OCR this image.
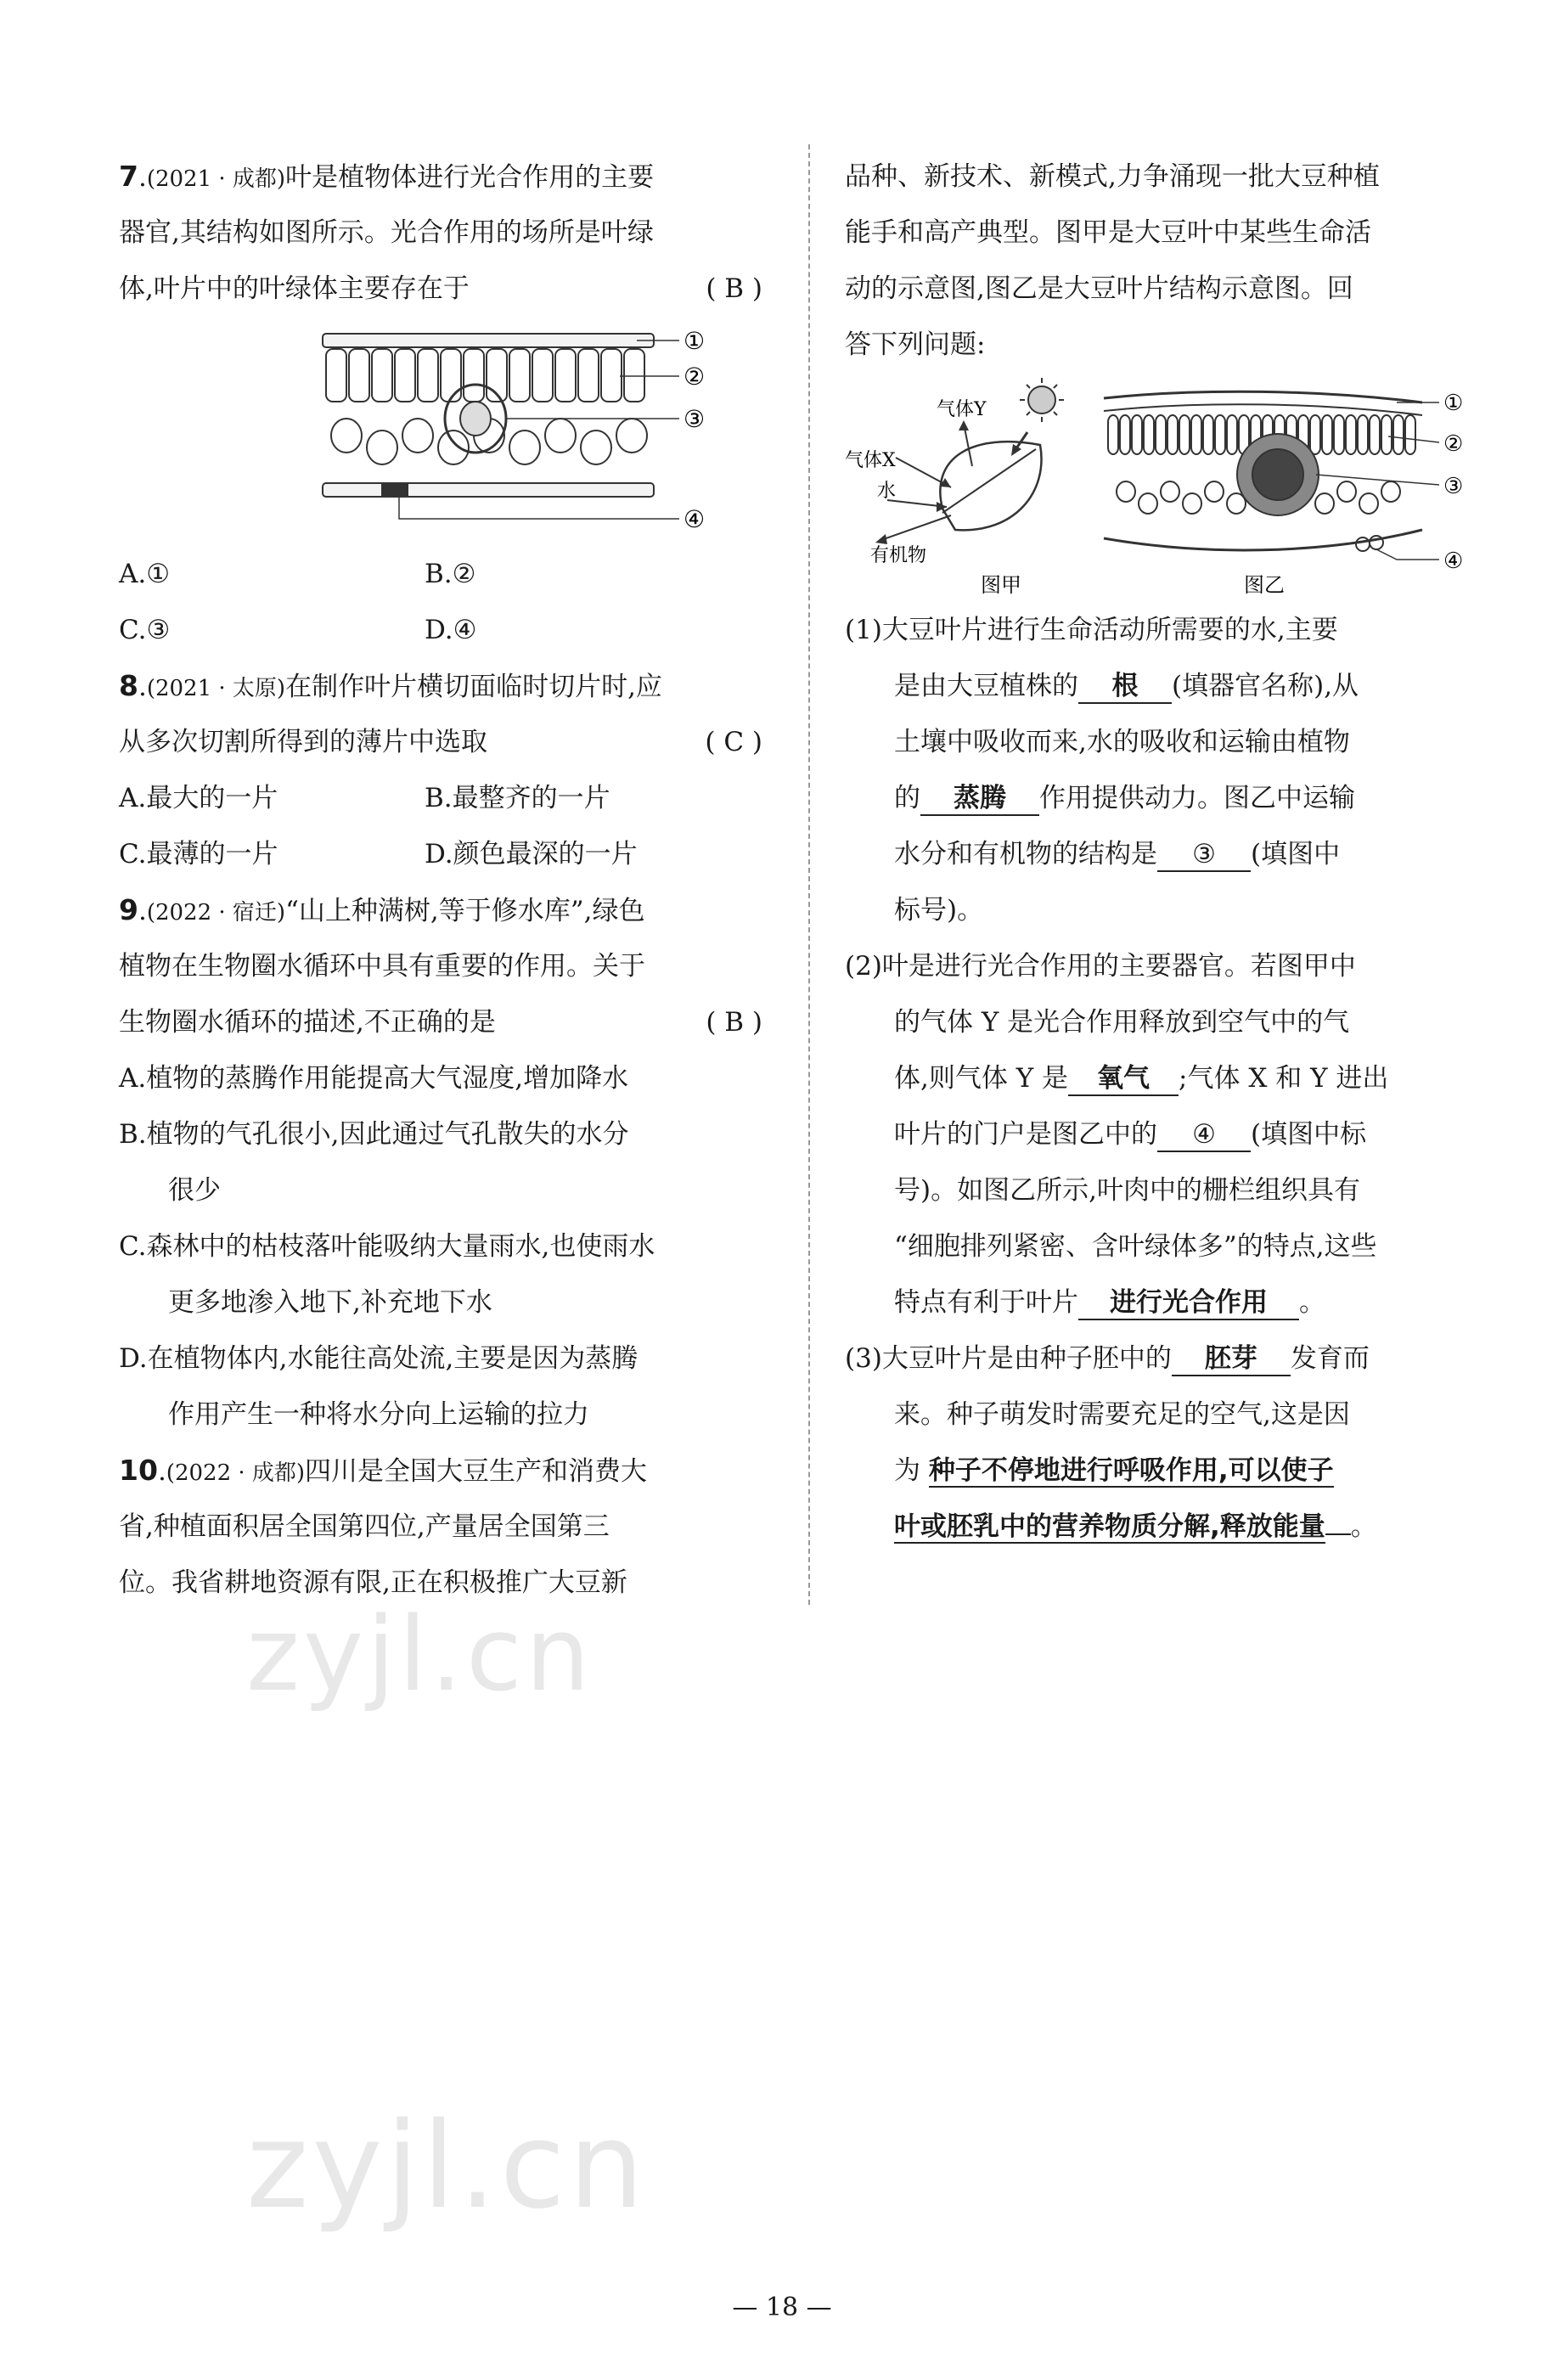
7.(2021 · 成都)叶是植物体进行光合作用的主要
器官,其结构如图所示。光合作用的场所是叶绿
体,叶片中的叶绿体主要存在于	( B )
①
②
③
④
A.①	B.②
C.③	D.④
8.(2021 · 太原)在制作叶片横切面临时切片时,应
从多次切割所得到的薄片中选取	( C )
A.最大的一片	B.最整齐的一片
C.最薄的一片	D.颜色最深的一片
9.(2022 · 宿迁)“山上种满树,等于修水库”,绿色
植物在生物圈水循环中具有重要的作用。关于
生物圈水循环的描述,不正确的是	( B )
A.植物的蒸腾作用能提高大气湿度,增加降水
B.植物的气孔很小,因此通过气孔散失的水分
很少
C.森林中的枯枝落叶能吸纳大量雨水,也使雨水
更多地渗入地下,补充地下水
D.在植物体内,水能往高处流,主要是因为蒸腾
作用产生一种将水分向上运输的拉力
10.(2022 · 成都)四川是全国大豆生产和消费大
省,种植面积居全国第四位,产量居全国第三
位。我省耕地资源有限,正在积极推广大豆新
品种、新技术、新模式,力争涌现一批大豆种植
能手和高产典型。图甲是大豆叶中某些生命活
动的示意图,图乙是大豆叶片结构示意图。回
答下列问题:
气体Y
气体X
水
有机物
图甲
①
②
③
④
图乙
(1)大豆叶片进行生命活动所需要的水,主要
是由大豆植株的 根 (填器官名称),从
土壤中吸收而来,水的吸收和运输由植物
的 蒸腾 作用提供动力。图乙中运输
水分和有机物的结构是 ③ (填图中
标号)。
(2)叶是进行光合作用的主要器官。若图甲中
的气体 Y 是光合作用释放到空气中的气
体,则气体 Y 是 氧气 ;气体 X 和 Y 进出
叶片的门户是图乙中的 ④ (填图中标
号)。如图乙所示,叶肉中的栅栏组织具有
“细胞排列紧密、含叶绿体多”的特点,这些
特点有利于叶片 进行光合作用 。
(3)大豆叶片是由种子胚中的 胚芽 发育而
来。种子萌发时需要充足的空气,这是因
为 种子不停地进行呼吸作用,可以使子
叶或胚乳中的营养物质分解,释放能量 。
zyjl.cn
zyjl.cn
— 18 —
